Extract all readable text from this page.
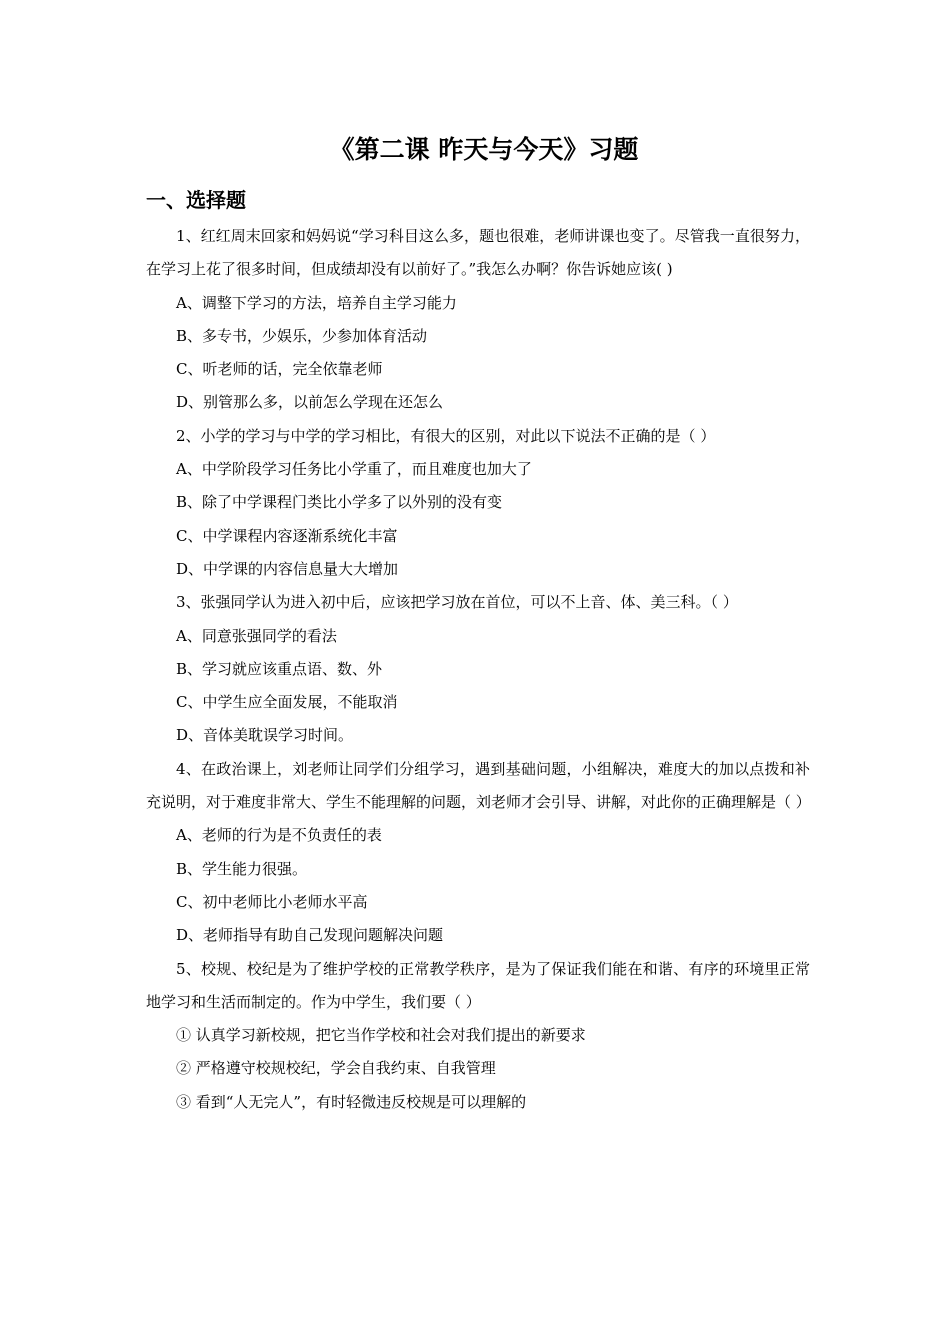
《第二课 昨天与今天》习题
一、选择题

1、红红周末回家和妈妈说“学习科目这么多，题也很难，老师讲课也变了。尽管我一直很努力，在学习上花了很多时间，但成绩却没有以前好了。”我怎么办啊？你告诉她应该( )

A、调整下学习的方法，培养自主学习能力

B、多专书，少娱乐，少参加体育活动

C、听老师的话，完全依靠老师

D、别管那么多，以前怎么学现在还怎么

2、小学的学习与中学的学习相比，有很大的区别，对此以下说法不正确的是（ ）

A、中学阶段学习任务比小学重了，而且难度也加大了

B、除了中学课程门类比小学多了以外别的没有变

C、中学课程内容逐渐系统化丰富

D、中学课的内容信息量大大增加

3、张强同学认为进入初中后，应该把学习放在首位，可以不上音、体、美三科。（ ）

A、同意张强同学的看法

B、学习就应该重点语、数、外

C、中学生应全面发展，不能取消

D、音体美耽误学习时间。

4、在政治课上，刘老师让同学们分组学习，遇到基础问题，小组解决，难度大的加以点拨和补充说明，对于难度非常大、学生不能理解的问题，刘老师才会引导、讲解，对此你的正确理解是（ ）

A、老师的行为是不负责任的表

B、学生能力很强。

C、初中老师比小老师水平高

D、老师指导有助自己发现问题解决问题

5、校规、校纪是为了维护学校的正常教学秩序，是为了保证我们能在和谐、有序的环境里正常地学习和生活而制定的。作为中学生，我们要（ ）

① 认真学习新校规，把它当作学校和社会对我们提出的新要求

② 严格遵守校规校纪，学会自我约束、自我管理

③ 看到“人无完人”，有时轻微违反校规是可以理解的
